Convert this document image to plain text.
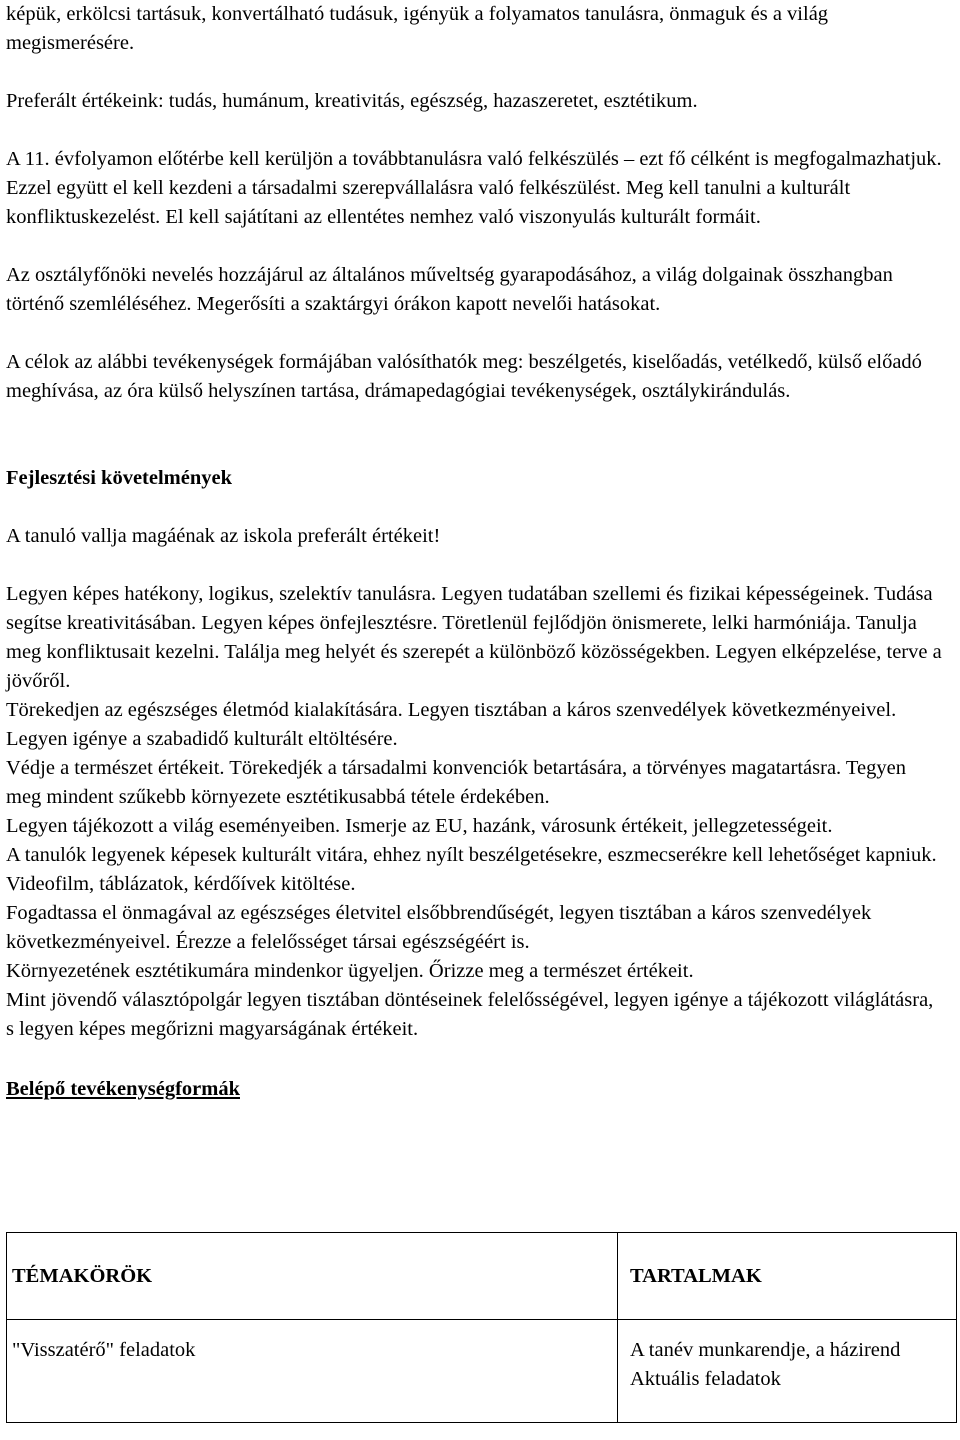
képük, erkölcsi tartásuk, konvertálható tudásuk, igényük a folyamatos tanulásra, önmaguk és a világ megismerésére.

Preferált értékeink: tudás, humánum, kreativitás, egészség, hazaszeretet, esztétikum.

A 11. évfolyamon előtérbe kell kerüljön a továbbtanulásra való felkészülés – ezt fő célként is megfogalmazhatjuk. Ezzel együtt el kell kezdeni a társadalmi szerepvállalásra való felkészülést. Meg kell tanulni a kulturált konfliktuskezelést. El kell sajátítani az ellentétes nemhez való viszonyulás kulturált formáit.

Az osztályfőnöki nevelés hozzájárul az általános műveltség gyarapodásához, a világ dolgainak összhangban történő szemléléséhez. Megerősíti a szaktárgyi órákon kapott nevelői hatásokat.

A célok az alábbi tevékenységek formájában valósíthatók meg: beszélgetés, kiselőadás, vetélkedő, külső előadó meghívása, az óra külső helyszínen tartása, drámapedagógiai tevékenységek, osztálykirándulás.

Fejlesztési követelmények

A tanuló vallja magáénak az iskola preferált értékeit!

Legyen képes hatékony, logikus, szelektív tanulásra. Legyen tudatában szellemi és fizikai képességeinek. Tudása segítse kreativitásában. Legyen képes önfejlesztésre. Töretlenül fejlődjön önismerete, lelki harmóniája. Tanulja meg konfliktusait kezelni. Találja meg helyét és szerepét a különböző közösségekben. Legyen elképzelése, terve a jövőről.

Törekedjen az egészséges életmód kialakítására. Legyen tisztában a káros szenvedélyek következményeivel. Legyen igénye a szabadidő kulturált eltöltésére.

Védje a természet értékeit. Törekedjék a társadalmi konvenciók betartására, a törvényes magatartásra. Tegyen meg mindent szűkebb környezete esztétikusabbá tétele érdekében.

Legyen tájékozott a világ eseményeiben. Ismerje az EU, hazánk, városunk értékeit, jellegzetességeit.

A tanulók legyenek képesek kulturált vitára, ehhez nyílt beszélgetésekre, eszmecserékre kell lehetőséget kapniuk. Videofilm, táblázatok, kérdőívek kitöltése.

Fogadtassa el önmagával az egészséges életvitel elsőbbrendűségét, legyen tisztában a káros szenvedélyek következményeivel. Érezze a felelősséget társai egészségéért is.

Környezetének esztétikumára mindenkor ügyeljen. Őrizze meg a természet értékeit.

Mint jövendő választópolgár legyen tisztában döntéseinek felelősségével, legyen igénye a tájékozott világlátásra, s legyen képes megőrizni magyarságának értékeit.

Belépő tevékenységformák

TÉMAKÖRÖK	TARTALMAK
"Visszatérő" feladatok	A tanév munkarendje, a házirend
Aktuális feladatok
